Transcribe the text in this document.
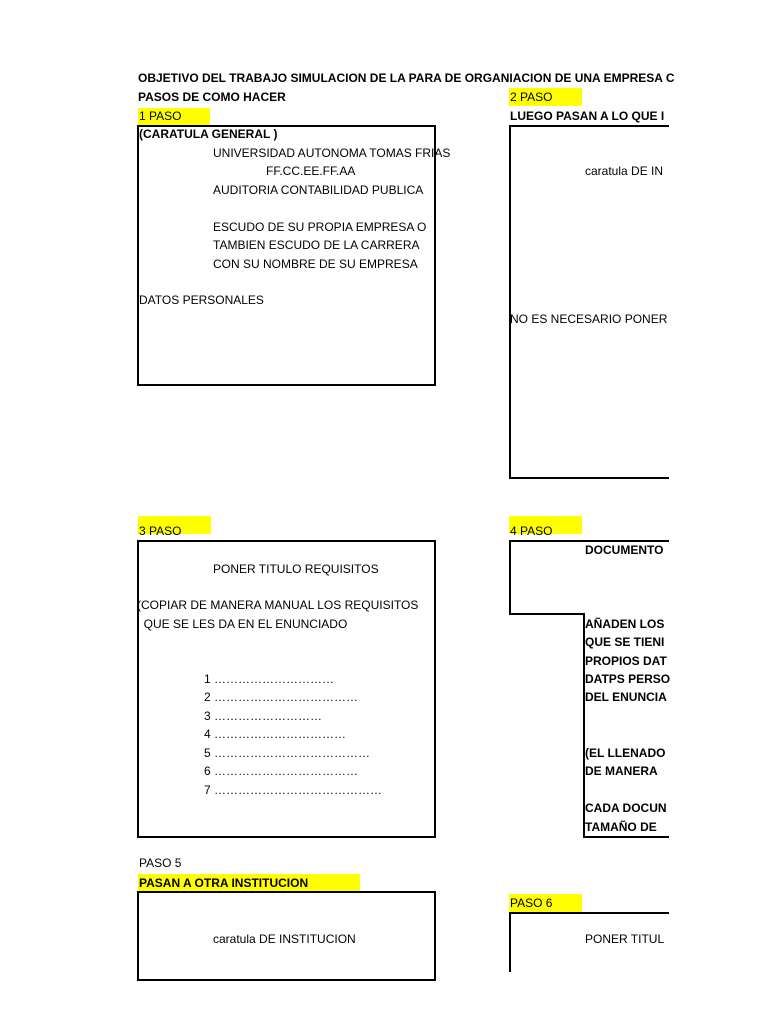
OBJETIVO DEL TRABAJO SIMULACION DE LA PARA DE ORGANIACION DE UNA EMPRESA C
PASOS DE COMO HACER
1 PASO
(CARATULA GENERAL )
UNIVERSIDAD AUTONOMA TOMAS FRIAS
FF.CC.EE.FF.AA
AUDITORIA CONTABILIDAD PUBLICA
ESCUDO DE SU PROPIA EMPRESA O
TAMBIEN ESCUDO DE LA CARRERA
CON SU NOMBRE DE SU EMPRESA
DATOS PERSONALES
2 PASO
LUEGO PASAN A LO QUE I
caratula DE IN
NO ES NECESARIO PONER
3 PASO
PONER TITULO REQUISITOS
(COPIAR DE MANERA MANUAL LOS REQUISITOS
QUE SE LES DA EN EL ENUNCIADO
1 …………………………
2 ………………………………
3 ………………………
4 ……………………………
5 …………………………………
6 ………………………………
7 ……………………………………
4 PASO
DOCUMENTO
AÑADEN LOS
QUE SE TIENI
PROPIOS DAT
DATPS PERSO
DEL ENUNCIA
(EL LLENADO
DE MANERA
CADA DOCUN
TAMAÑO DE
PASO 5
PASAN A OTRA INSTITUCION
caratula DE INSTITUCION
PASO 6
PONER TITUL
